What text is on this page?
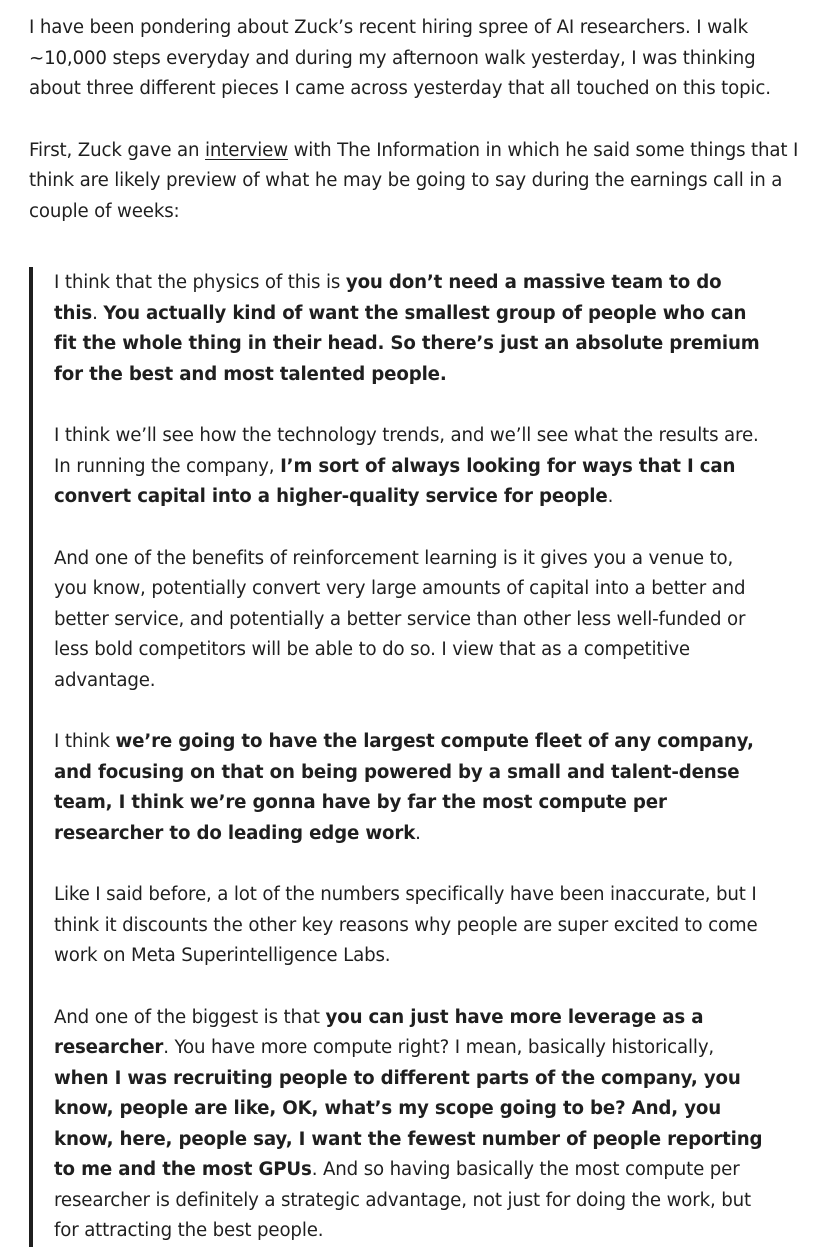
I have been pondering about Zuck’s recent hiring spree of AI researchers. I walk ~10,000 steps everyday and during my afternoon walk yesterday, I was thinking about three different pieces I came across yesterday that all touched on this topic.

First, Zuck gave an interview with The Information in which he said some things that I think are likely preview of what he may be going to say during the earnings call in a couple of weeks:

I think that the physics of this is you don’t need a massive team to do this. You actually kind of want the smallest group of people who can fit the whole thing in their head. So there’s just an absolute premium for the best and most talented people.

I think we’ll see how the technology trends, and we’ll see what the results are. In running the company, I’m sort of always looking for ways that I can convert capital into a higher-quality service for people.

And one of the benefits of reinforcement learning is it gives you a venue to, you know, potentially convert very large amounts of capital into a better and better service, and potentially a better service than other less well-funded or less bold competitors will be able to do so. I view that as a competitive advantage.

I think we’re going to have the largest compute fleet of any company, and focusing on that on being powered by a small and talent-dense team, I think we’re gonna have by far the most compute per researcher to do leading edge work.

Like I said before, a lot of the numbers specifically have been inaccurate, but I think it discounts the other key reasons why people are super excited to come work on Meta Superintelligence Labs.

And one of the biggest is that you can just have more leverage as a researcher. You have more compute right? I mean, basically historically, when I was recruiting people to different parts of the company, you know, people are like, OK, what’s my scope going to be? And, you know, here, people say, I want the fewest number of people reporting to me and the most GPUs. And so having basically the most compute per researcher is definitely a strategic advantage, not just for doing the work, but for attracting the best people.
